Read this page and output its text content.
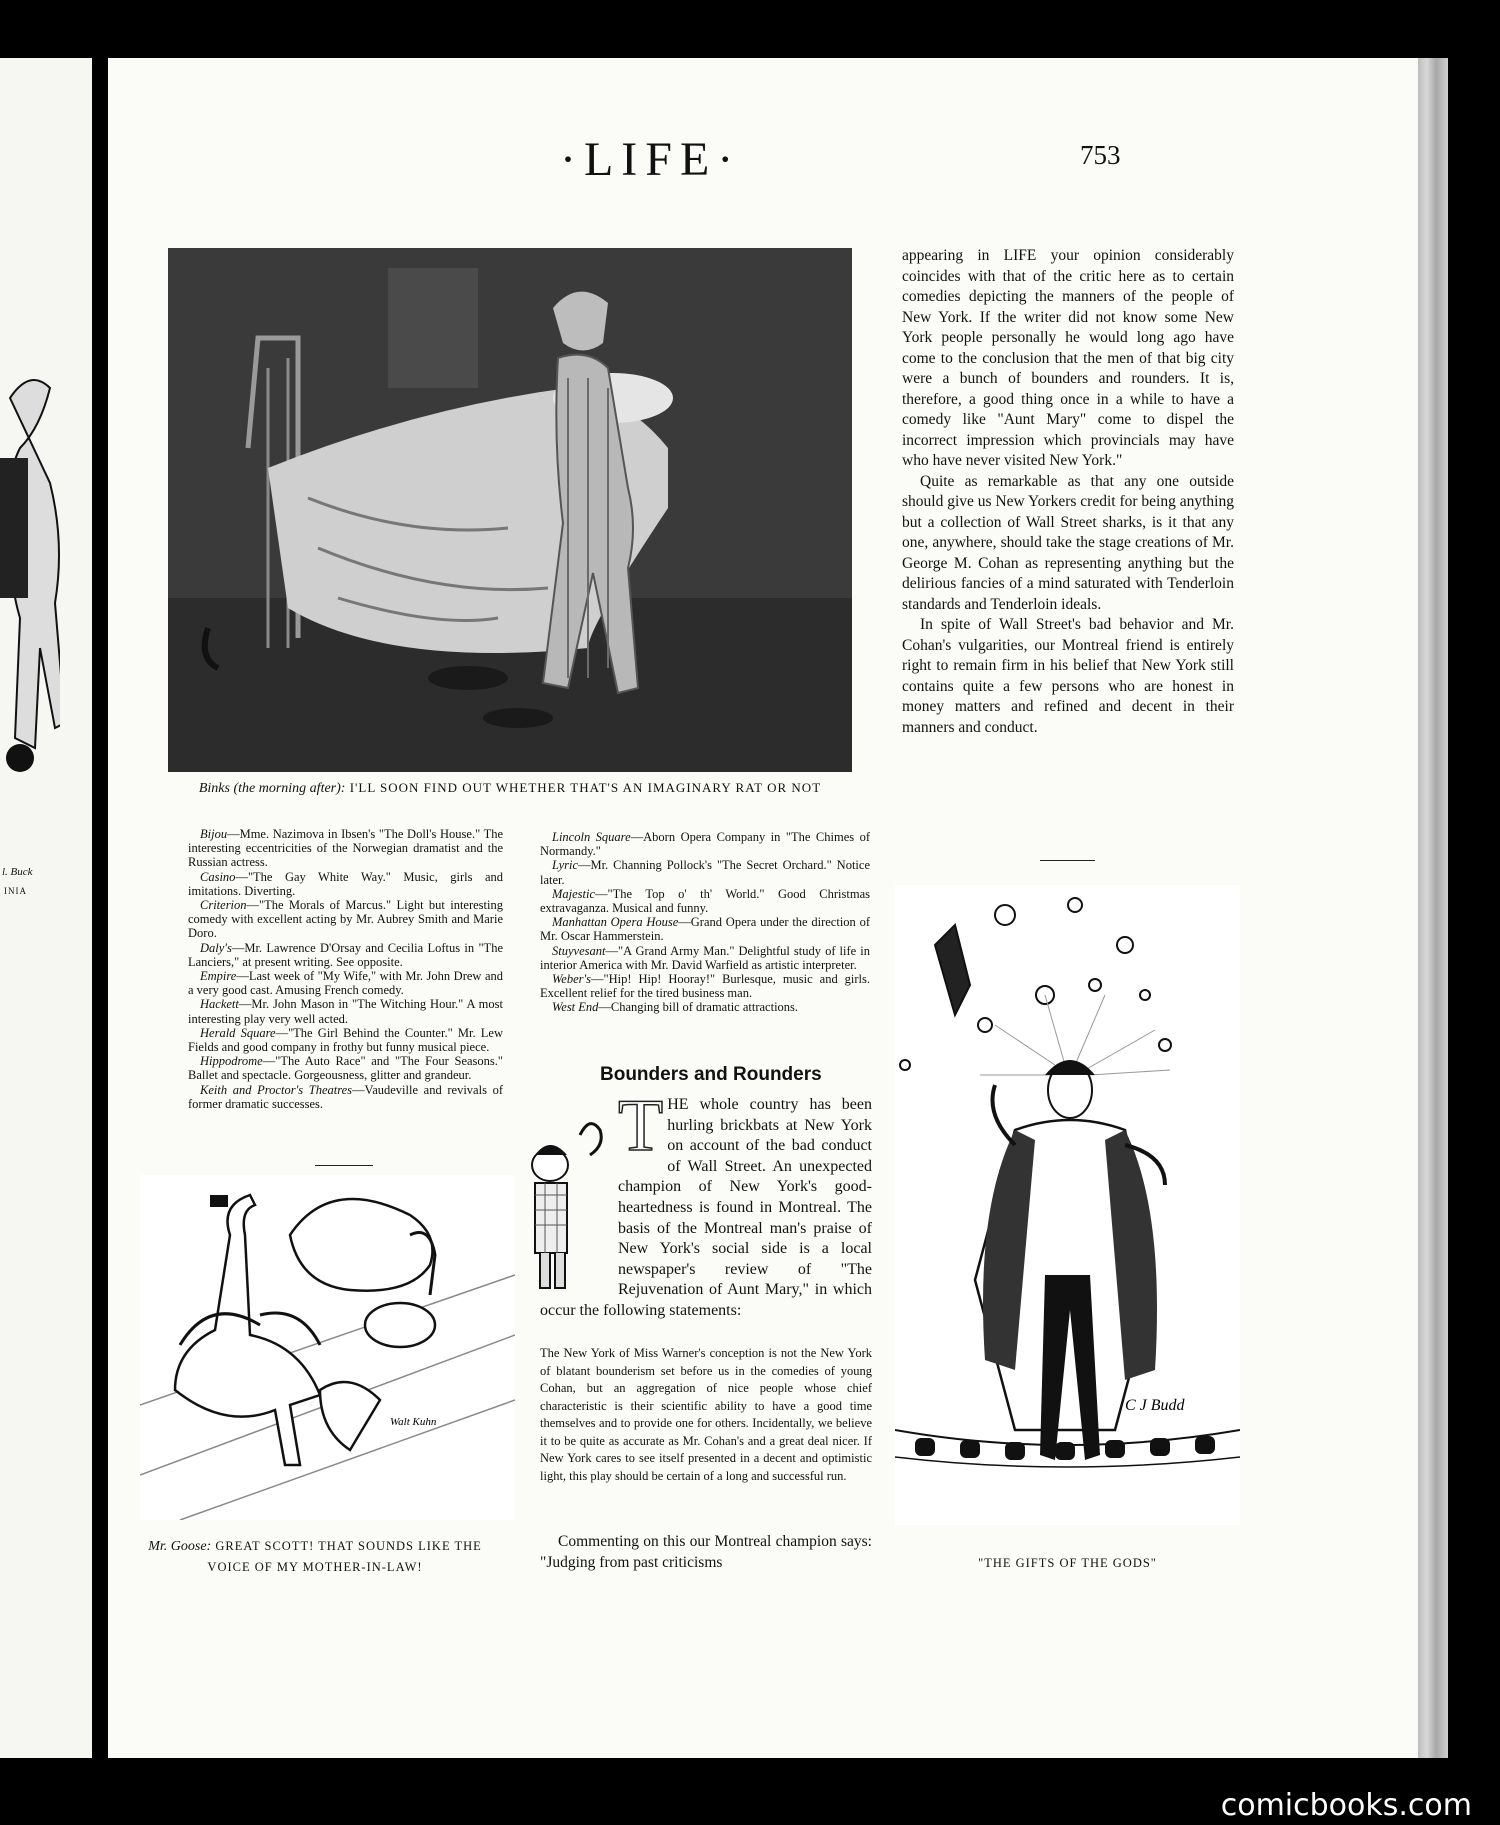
l. Buck
INIA
·LIFE·	753
Binks (the morning after): I'LL SOON FIND OUT WHETHER THAT'S AN IMAGINARY RAT OR NOT

Bijou—Mme. Nazimova in Ibsen's "The Doll's House." The interesting eccentricities of the Norwegian dramatist and the Russian actress.

Casino—"The Gay White Way." Music, girls and imitations. Diverting.

Criterion—"The Morals of Marcus." Light but interesting comedy with excellent acting by Mr. Aubrey Smith and Marie Doro.

Daly's—Mr. Lawrence D'Orsay and Cecilia Loftus in "The Lanciers," at present writing. See opposite.

Empire—Last week of "My Wife," with Mr. John Drew and a very good cast. Amusing French comedy.

Hackett—Mr. John Mason in "The Witching Hour." A most interesting play very well acted.

Herald Square—"The Girl Behind the Counter." Mr. Lew Fields and good company in frothy but funny musical piece.

Hippodrome—"The Auto Race" and "The Four Seasons." Ballet and spectacle. Gorgeousness, glitter and grandeur.

Keith and Proctor's Theatres—Vaudeville and revivals of former dramatic successes.

Walt Kuhn
Mr. Goose: GREAT SCOTT! THAT SOUNDS LIKE THE VOICE OF MY MOTHER-IN-LAW!

Lincoln Square—Aborn Opera Company in "The Chimes of Normandy."

Lyric—Mr. Channing Pollock's "The Secret Orchard." Notice later.

Majestic—"The Top o' th' World." Good Christmas extravaganza. Musical and funny.

Manhattan Opera House—Grand Opera under the direction of Mr. Oscar Hammerstein.

Stuyvesant—"A Grand Army Man." Delightful study of life in interior America with Mr. David Warfield as artistic interpreter.

Weber's—"Hip! Hip! Hooray!" Burlesque, music and girls. Excellent relief for the tired business man.

West End—Changing bill of dramatic attractions.

Bounders and Rounders
T HE whole country has been hurling brickbats at New York on account of the bad conduct of Wall Street. An unexpected champion of New York's good-heartedness is found in Montreal. The basis of the Montreal man's praise of New York's social side is a local newspaper's review of "The Rejuvenation of Aunt Mary," in which occur the following statements:
The New York of Miss Warner's conception is not the New York of blatant bounderism set before us in the comedies of young Cohan, but an aggregation of nice people whose chief characteristic is their scientific ability to have a good time themselves and to provide one for others. Incidentally, we believe it to be quite as accurate as Mr. Cohan's and a great deal nicer. If New York cares to see itself presented in a decent and optimistic light, this play should be certain of a long and successful run.

Commenting on this our Montreal champion says: "Judging from past criticisms

appearing in LIFE your opinion considerably coincides with that of the critic here as to certain comedies depicting the manners of the people of New York. If the writer did not know some New York people personally he would long ago have come to the conclusion that the men of that big city were a bunch of bounders and rounders. It is, therefore, a good thing once in a while to have a comedy like "Aunt Mary" come to dispel the incorrect impression which provincials may have who have never visited New York."

Quite as remarkable as that any one outside should give us New Yorkers credit for being anything but a collection of Wall Street sharks, is it that any one, anywhere, should take the stage creations of Mr. George M. Cohan as representing anything but the delirious fancies of a mind saturated with Tenderloin standards and Tenderloin ideals.

In spite of Wall Street's bad behavior and Mr. Cohan's vulgarities, our Montreal friend is entirely right to remain firm in his belief that New York still contains quite a few persons who are honest in money matters and refined and decent in their manners and conduct.

C J Budd
"THE GIFTS OF THE GODS"
comicbooks.com
